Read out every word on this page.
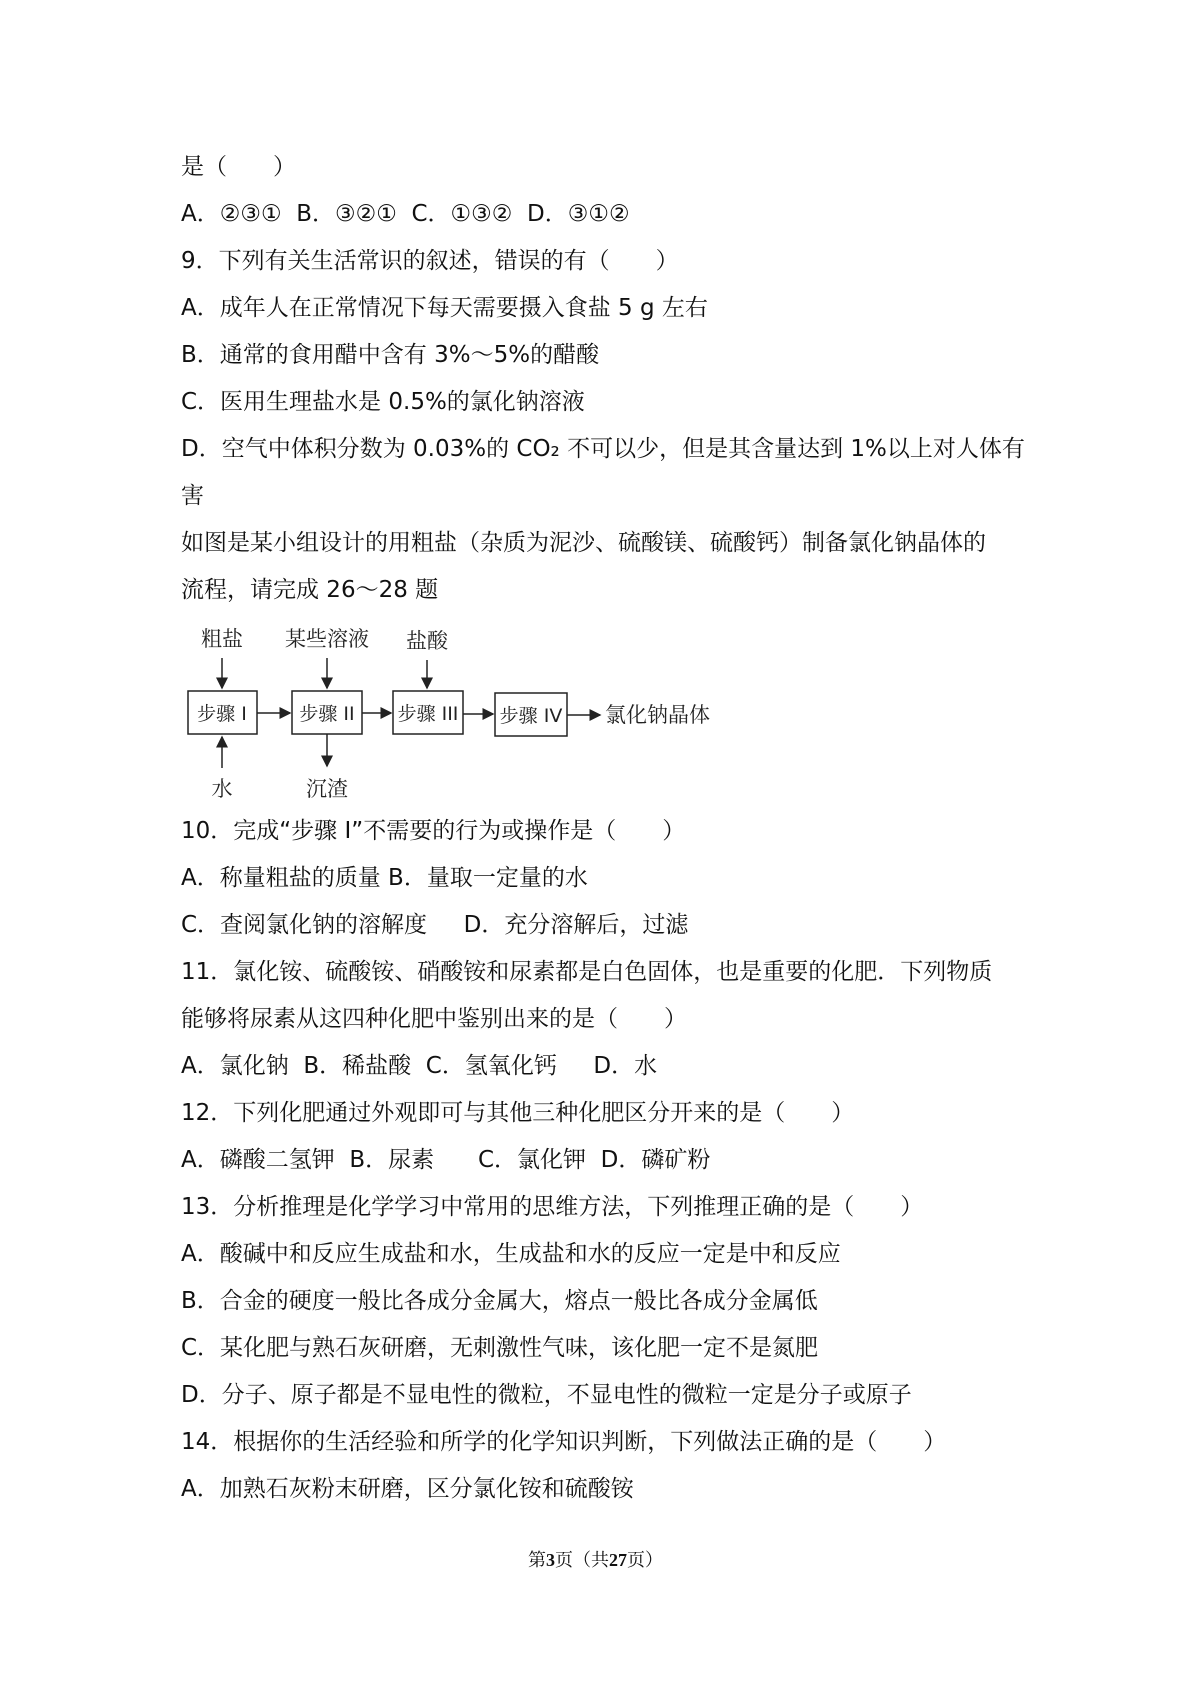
是（　　）
A．②③①  B．③②①  C．①③②  D．③①②
9．下列有关生活常识的叙述，错误的有（　　）
A．成年人在正常情况下每天需要摄入食盐 5 g 左右
B．通常的食用醋中含有 3%～5%的醋酸
C．医用生理盐水是 0.5%的氯化钠溶液
D．空气中体积分数为 0.03%的 CO₂ 不可以少，但是其含量达到 1%以上对人体有
害
如图是某小组设计的用粗盐（杂质为泥沙、硫酸镁、硫酸钙）制备氯化钠晶体的
流程，请完成 26～28 题
10．完成“步骤 I”不需要的行为或操作是（　　）
A．称量粗盐的质量 B．量取一定量的水
C．查阅氯化钠的溶解度     D．充分溶解后，过滤
11．氯化铵、硫酸铵、硝酸铵和尿素都是白色固体，也是重要的化肥．下列物质
能够将尿素从这四种化肥中鉴别出来的是（　　）
A．氯化钠  B．稀盐酸  C．氢氧化钙     D．水
12．下列化肥通过外观即可与其他三种化肥区分开来的是（　　）
A．磷酸二氢钾  B．尿素      C．氯化钾  D．磷矿粉
13．分析推理是化学学习中常用的思维方法，下列推理正确的是（　　）
A．酸碱中和反应生成盐和水，生成盐和水的反应一定是中和反应
B．合金的硬度一般比各成分金属大，熔点一般比各成分金属低
C．某化肥与熟石灰研磨，无刺激性气味，该化肥一定不是氮肥
D．分子、原子都是不显电性的微粒，不显电性的微粒一定是分子或原子
14．根据你的生活经验和所学的化学知识判断，下列做法正确的是（　　）
A．加熟石灰粉末研磨，区分氯化铵和硫酸铵
粗盐 某些溶液 盐酸
步骤 I	步骤 II 步骤 III 步骤 IV 氯化钠晶体
水	沉渣
第3页（共27页）
